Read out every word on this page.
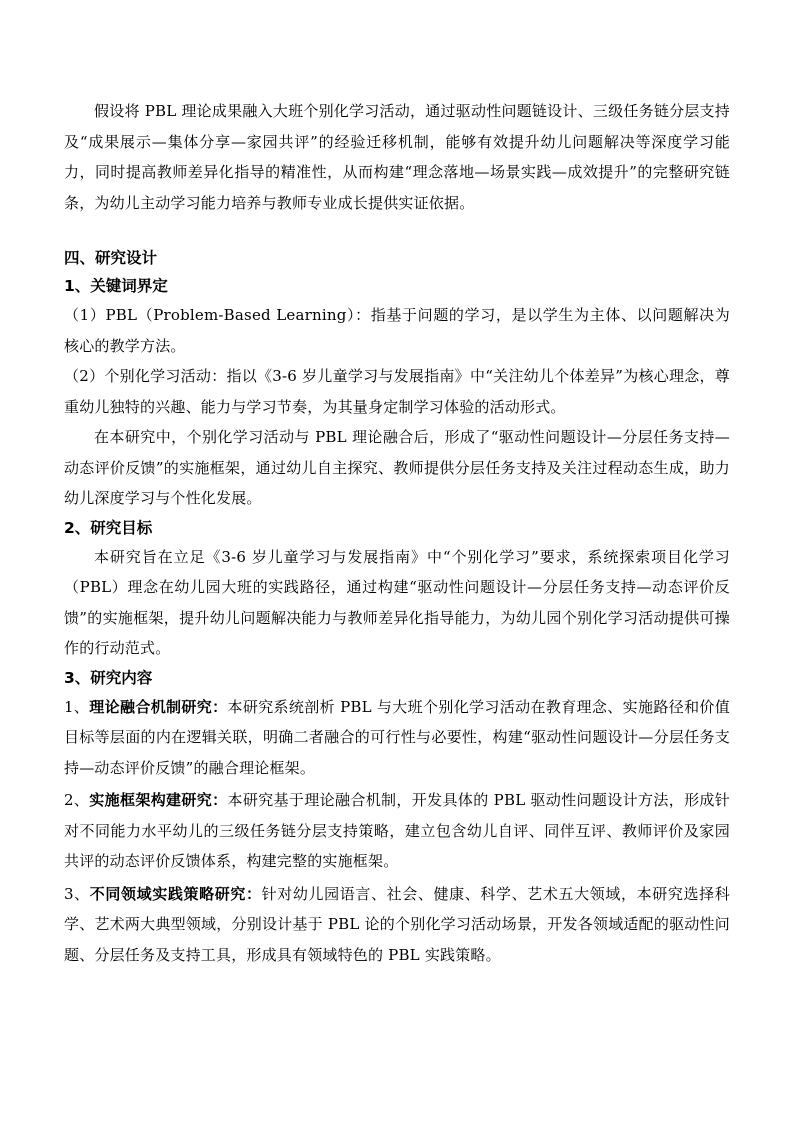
假设将 PBL 理论成果融入大班个别化学习活动，通过驱动性问题链设计、三级任务链分层支持及“成果展示—集体分享—家园共评”的经验迁移机制，能够有效提升幼儿问题解决等深度学习能力，同时提高教师差异化指导的精准性，从而构建“理念落地—场景实践—成效提升”的完整研究链条，为幼儿主动学习能力培养与教师专业成长提供实证依据。

四、研究设计

1、关键词界定

（1）PBL（Problem-Based Learning）：指基于问题的学习，是以学生为主体、以问题解决为核心的教学方法。

（2）个别化学习活动：指以《3-6 岁儿童学习与发展指南》中“关注幼儿个体差异”为核心理念，尊重幼儿独特的兴趣、能力与学习节奏，为其量身定制学习体验的活动形式。

在本研究中，个别化学习活动与 PBL 理论融合后，形成了“驱动性问题设计—分层任务支持—动态评价反馈”的实施框架，通过幼儿自主探究、教师提供分层任务支持及关注过程动态生成，助力幼儿深度学习与个性化发展。

2、研究目标

本研究旨在立足《3-6 岁儿童学习与发展指南》中“个别化学习”要求，系统探索项目化学习（PBL）理念在幼儿园大班的实践路径，通过构建“驱动性问题设计—分层任务支持—动态评价反馈”的实施框架，提升幼儿问题解决能力与教师差异化指导能力，为幼儿园个别化学习活动提供可操作的行动范式。

3、研究内容

1、理论融合机制研究：本研究系统剖析 PBL 与大班个别化学习活动在教育理念、实施路径和价值目标等层面的内在逻辑关联，明确二者融合的可行性与必要性，构建“驱动性问题设计—分层任务支持—动态评价反馈”的融合理论框架。

2、实施框架构建研究：本研究基于理论融合机制，开发具体的 PBL 驱动性问题设计方法，形成针对不同能力水平幼儿的三级任务链分层支持策略，建立包含幼儿自评、同伴互评、教师评价及家园共评的动态评价反馈体系，构建完整的实施框架。

3、不同领域实践策略研究：针对幼儿园语言、社会、健康、科学、艺术五大领域，本研究选择科学、艺术两大典型领域，分别设计基于 PBL 论的个别化学习活动场景，开发各领域适配的驱动性问题、分层任务及支持工具，形成具有领域特色的 PBL 实践策略。
